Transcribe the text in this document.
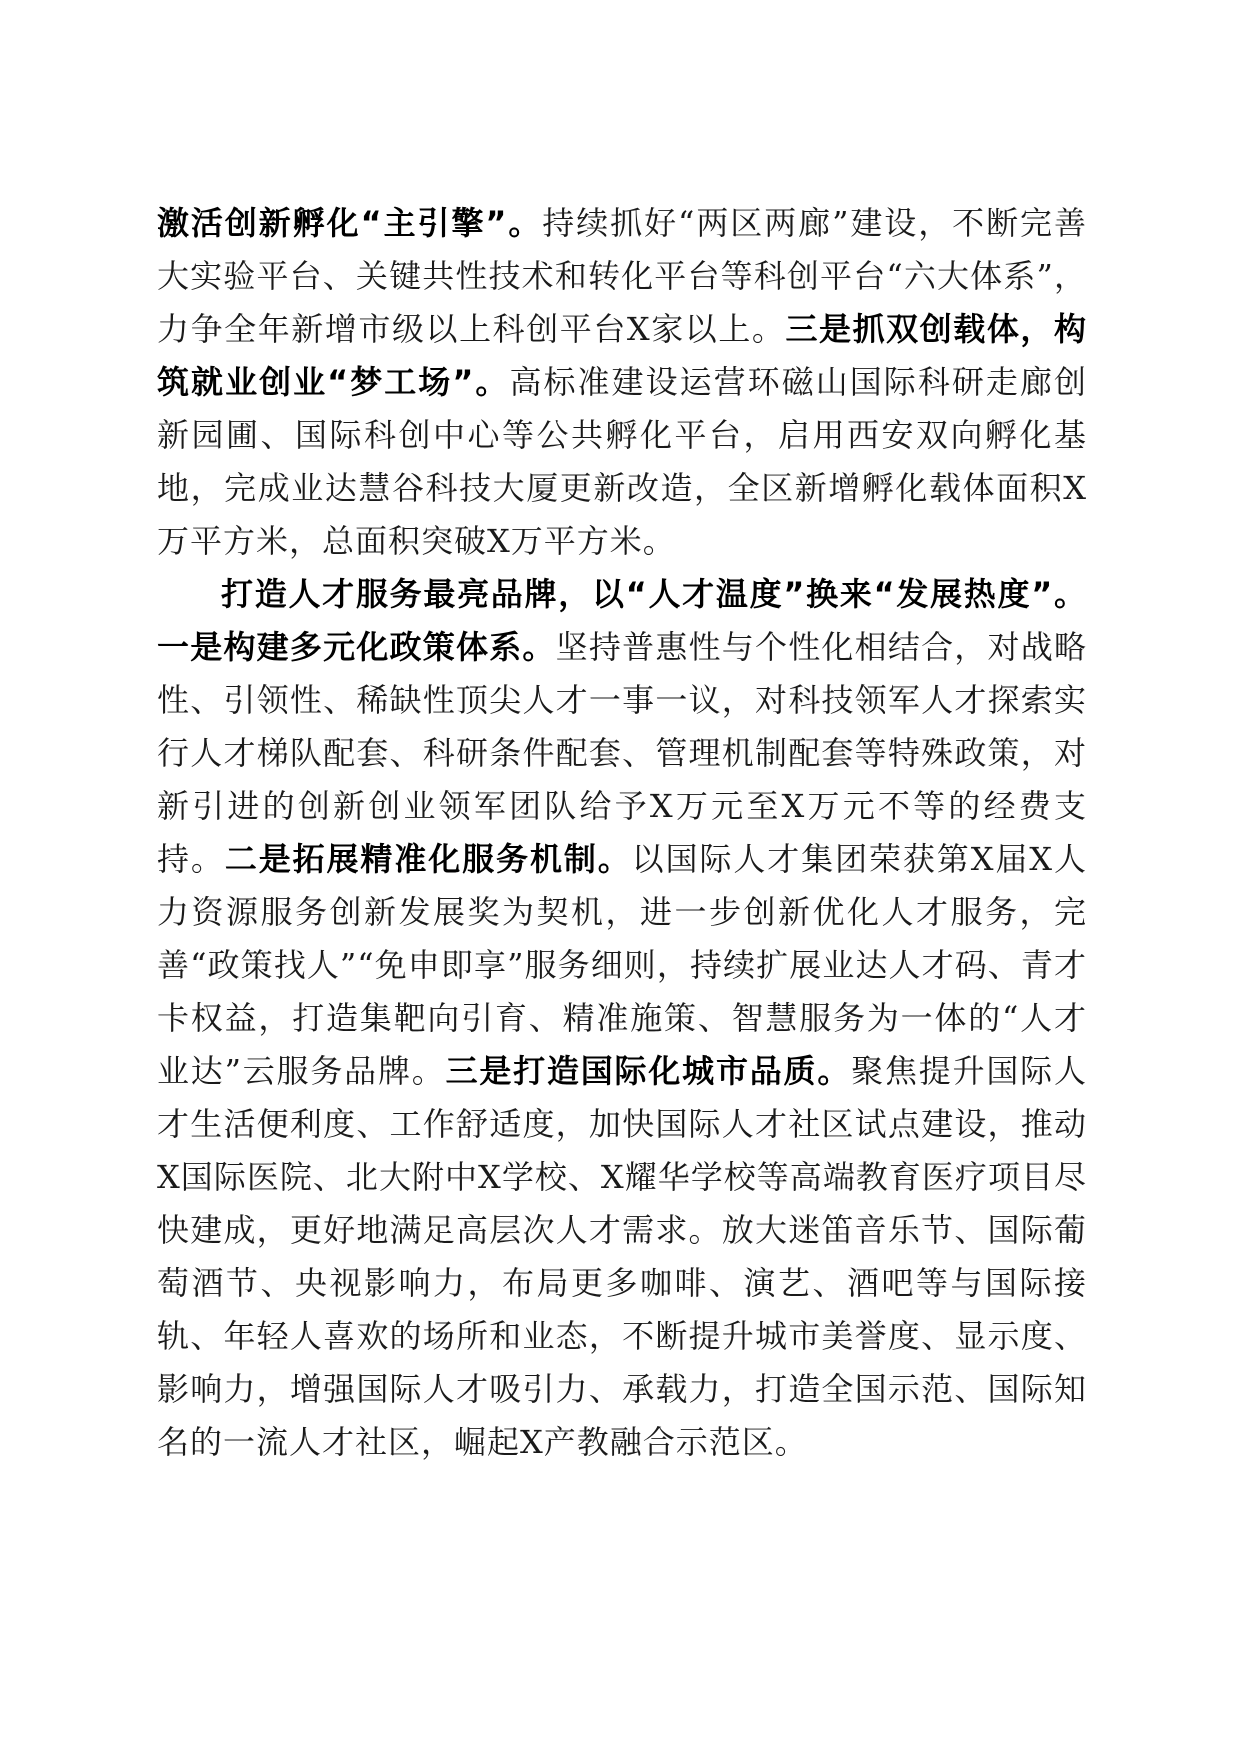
激活创新孵化“主引擎”。持续抓好“两区两廊”建设，不断完善大实验平台、关键共性技术和转化平台等科创平台“六大体系”，力争全年新增市级以上科创平台X家以上。三是抓双创载体，构筑就业创业“梦工场”。高标准建设运营环磁山国际科研走廊创新园圃、国际科创中心等公共孵化平台，启用西安双向孵化基地，完成业达慧谷科技大厦更新改造，全区新增孵化载体面积X万平方米，总面积突破X万平方米。

打造人才服务最亮品牌，以“人才温度”换来“发展热度”。一是构建多元化政策体系。坚持普惠性与个性化相结合，对战略性、引领性、稀缺性顶尖人才一事一议，对科技领军人才探索实行人才梯队配套、科研条件配套、管理机制配套等特殊政策，对新引进的创新创业领军团队给予X万元至X万元不等的经费支持。二是拓展精准化服务机制。以国际人才集团荣获第X届X人力资源服务创新发展奖为契机，进一步创新优化人才服务，完善“政策找人”“免申即享”服务细则，持续扩展业达人才码、青才卡权益，打造集靶向引育、精准施策、智慧服务为一体的“人才业达”云服务品牌。三是打造国际化城市品质。聚焦提升国际人才生活便利度、工作舒适度，加快国际人才社区试点建设，推动X国际医院、北大附中X学校、X耀华学校等高端教育医疗项目尽快建成，更好地满足高层次人才需求。放大迷笛音乐节、国际葡萄酒节、央视影响力，布局更多咖啡、演艺、酒吧等与国际接轨、年轻人喜欢的场所和业态，不断提升城市美誉度、显示度、影响力，增强国际人才吸引力、承载力，打造全国示范、国际知名的一流人才社区，崛起X产教融合示范区。
